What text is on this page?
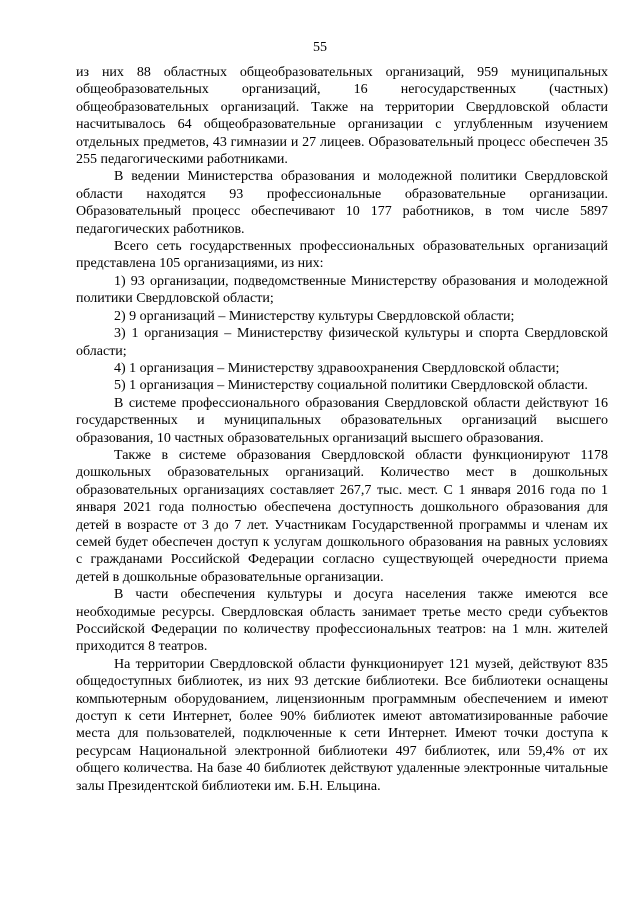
55

из них 88 областных общеобразовательных организаций, 959 муниципальных общеобразовательных организаций, 16 негосударственных (частных) общеобразовательных организаций. Также на территории Свердловской области насчитывалось 64 общеобразовательные организации с углубленным изучением отдельных предметов, 43 гимназии и 27 лицеев. Образовательный процесс обеспечен 35 255 педагогическими работниками.

В ведении Министерства образования и молодежной политики Свердловской области находятся 93 профессиональные образовательные организации. Образовательный процесс обеспечивают 10 177 работников, в том числе 5897 педагогических работников.

Всего сеть государственных профессиональных образовательных организаций представлена 105 организациями, из них:

1) 93 организации, подведомственные Министерству образования и молодежной политики Свердловской области;

2) 9 организаций – Министерству культуры Свердловской области;

3) 1 организация – Министерству физической культуры и спорта Свердловской области;

4) 1 организация – Министерству здравоохранения Свердловской области;

5) 1 организация – Министерству социальной политики Свердловской области.

В системе профессионального образования Свердловской области действуют 16 государственных и муниципальных образовательных организаций высшего образования, 10 частных образовательных организаций высшего образования.

Также в системе образования Свердловской области функционируют 1178 дошкольных образовательных организаций. Количество мест в дошкольных образовательных организациях составляет 267,7 тыс. мест. С 1 января 2016 года по 1 января 2021 года полностью обеспечена доступность дошкольного образования для детей в возрасте от 3 до 7 лет. Участникам Государственной программы и членам их семей будет обеспечен доступ к услугам дошкольного образования на равных условиях с гражданами Российской Федерации согласно существующей очередности приема детей в дошкольные образовательные организации.

В части обеспечения культуры и досуга населения также имеются все необходимые ресурсы. Свердловская область занимает третье место среди субъектов Российской Федерации по количеству профессиональных театров: на 1 млн. жителей приходится 8 театров.

На территории Свердловской области функционирует 121 музей, действуют 835 общедоступных библиотек, из них 93 детские библиотеки. Все библиотеки оснащены компьютерным оборудованием, лицензионным программным обеспечением и имеют доступ к сети Интернет, более 90% библиотек имеют автоматизированные рабочие места для пользователей, подключенные к сети Интернет. Имеют точки доступа к ресурсам Национальной электронной библиотеки 497 библиотек, или 59,4% от их общего количества. На базе 40 библиотек действуют удаленные электронные читальные залы Президентской библиотеки им. Б.Н. Ельцина.
